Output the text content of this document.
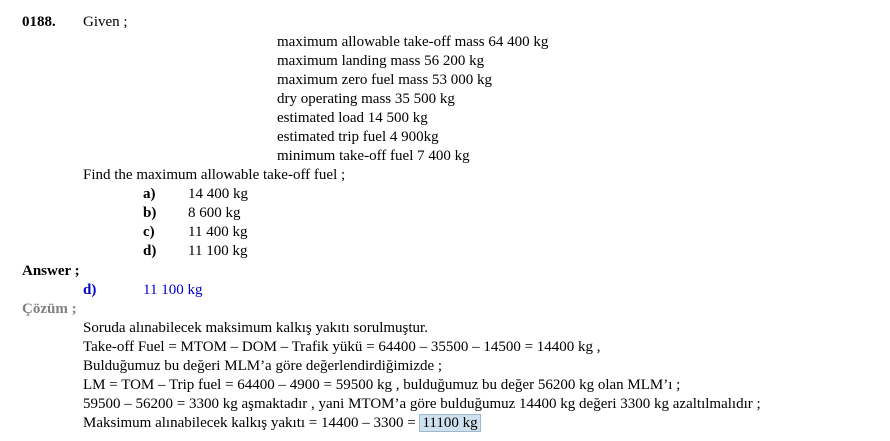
0188. Given ;
maximum allowable take-off mass 64 400 kg
maximum landing mass 56 200 kg
maximum zero fuel mass 53 000 kg
dry operating mass 35 500 kg
estimated load 14 500 kg
estimated trip fuel 4 900kg
minimum take-off fuel 7 400 kg
Find the maximum allowable take-off fuel ;
a) 14 400 kg
b) 8 600 kg
c) 11 400 kg
d) 11 100 kg
Answer ;
d)	11 100 kg
Çözüm ;
Soruda alınabilecek maksimum kalkış yakıtı sorulmuştur.
Take-off Fuel = MTOM – DOM – Trafik yükü = 64400 – 35500 – 14500 = 14400 kg ,
Bulduğumuz bu değeri MLM’a göre değerlendirdiğimizde ;
LM = TOM – Trip fuel = 64400 – 4900 = 59500 kg , bulduğumuz bu değer 56200 kg olan MLM’ı ;
59500 – 56200 = 3300 kg aşmaktadır , yani MTOM’a göre bulduğumuz 14400 kg değeri 3300 kg azaltılmalıdır ;
Maksimum alınabilecek kalkış yakıtı = 14400 – 3300 = 11100 kg
